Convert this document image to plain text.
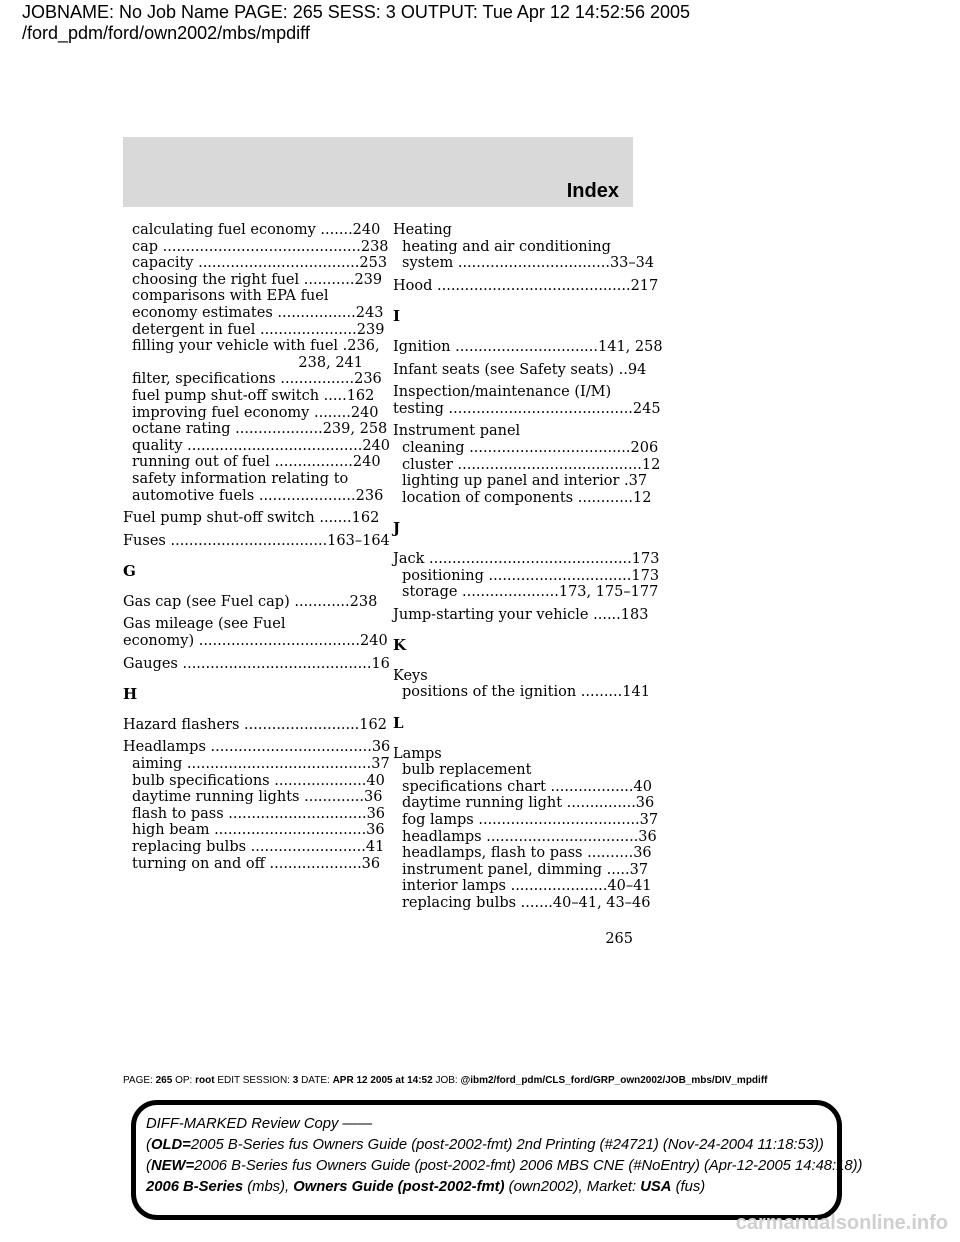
JOBNAME: No Job Name PAGE: 265 SESS: 3 OUTPUT: Tue Apr 12 14:52:56 2005
/ford_pdm/ford/own2002/mbs/mpdiff
Index
calculating fuel economy .......240
cap ...........................................238
capacity ...................................253
choosing the right fuel ...........239
comparisons with EPA fuel
economy estimates .................243
detergent in fuel .....................239
filling your vehicle with fuel .236,
238, 241
filter, specifications ................236
fuel pump shut-off switch .....162
improving fuel economy ........240
octane rating ...................239, 258
quality ......................................240
running out of fuel .................240
safety information relating to
automotive fuels .....................236
Fuel pump shut-off switch .......162
Fuses ..................................163–164
G
Gas cap (see Fuel cap) ............238
Gas mileage (see Fuel
economy) ...................................240
Gauges .........................................16
H
Hazard flashers .........................162
Headlamps ...................................36
aiming ........................................37
bulb specifications ....................40
daytime running lights .............36
flash to pass ..............................36
high beam .................................36
replacing bulbs .........................41
turning on and off ....................36
Heating
heating and air conditioning
system .................................33–34
Hood ..........................................217
I
Ignition ...............................141, 258
Infant seats (see Safety seats) ..94
Inspection/maintenance (I/M)
testing ........................................245
Instrument panel
cleaning ...................................206
cluster ........................................12
lighting up panel and interior .37
location of components ............12
J
Jack ............................................173
positioning ...............................173
storage .....................173, 175–177
Jump-starting your vehicle ......183
K
Keys
positions of the ignition .........141
L
Lamps
bulb replacement
specifications chart ..................40
daytime running light ...............36
fog lamps ...................................37
headlamps .................................36
headlamps, flash to pass ..........36
instrument panel, dimming .....37
interior lamps .....................40–41
replacing bulbs .......40–41, 43–46
265
PAGE: 265 OP: root EDIT SESSION: 3 DATE: APR 12 2005 at 14:52 JOB: @ibm2/ford_pdm/CLS_ford/GRP_own2002/JOB_mbs/DIV_mpdiff
DIFF-MARKED Review Copy ——
(OLD=2005 B-Series fus Owners Guide (post-2002-fmt) 2nd Printing (#24721) (Nov-24-2004 11:18:53))
(NEW=2006 B-Series fus Owners Guide (post-2002-fmt) 2006 MBS CNE (#NoEntry) (Apr-12-2005 14:48:18))
2006 B-Series (mbs), Owners Guide (post-2002-fmt) (own2002), Market: USA (fus)
carmanualsonline.info
